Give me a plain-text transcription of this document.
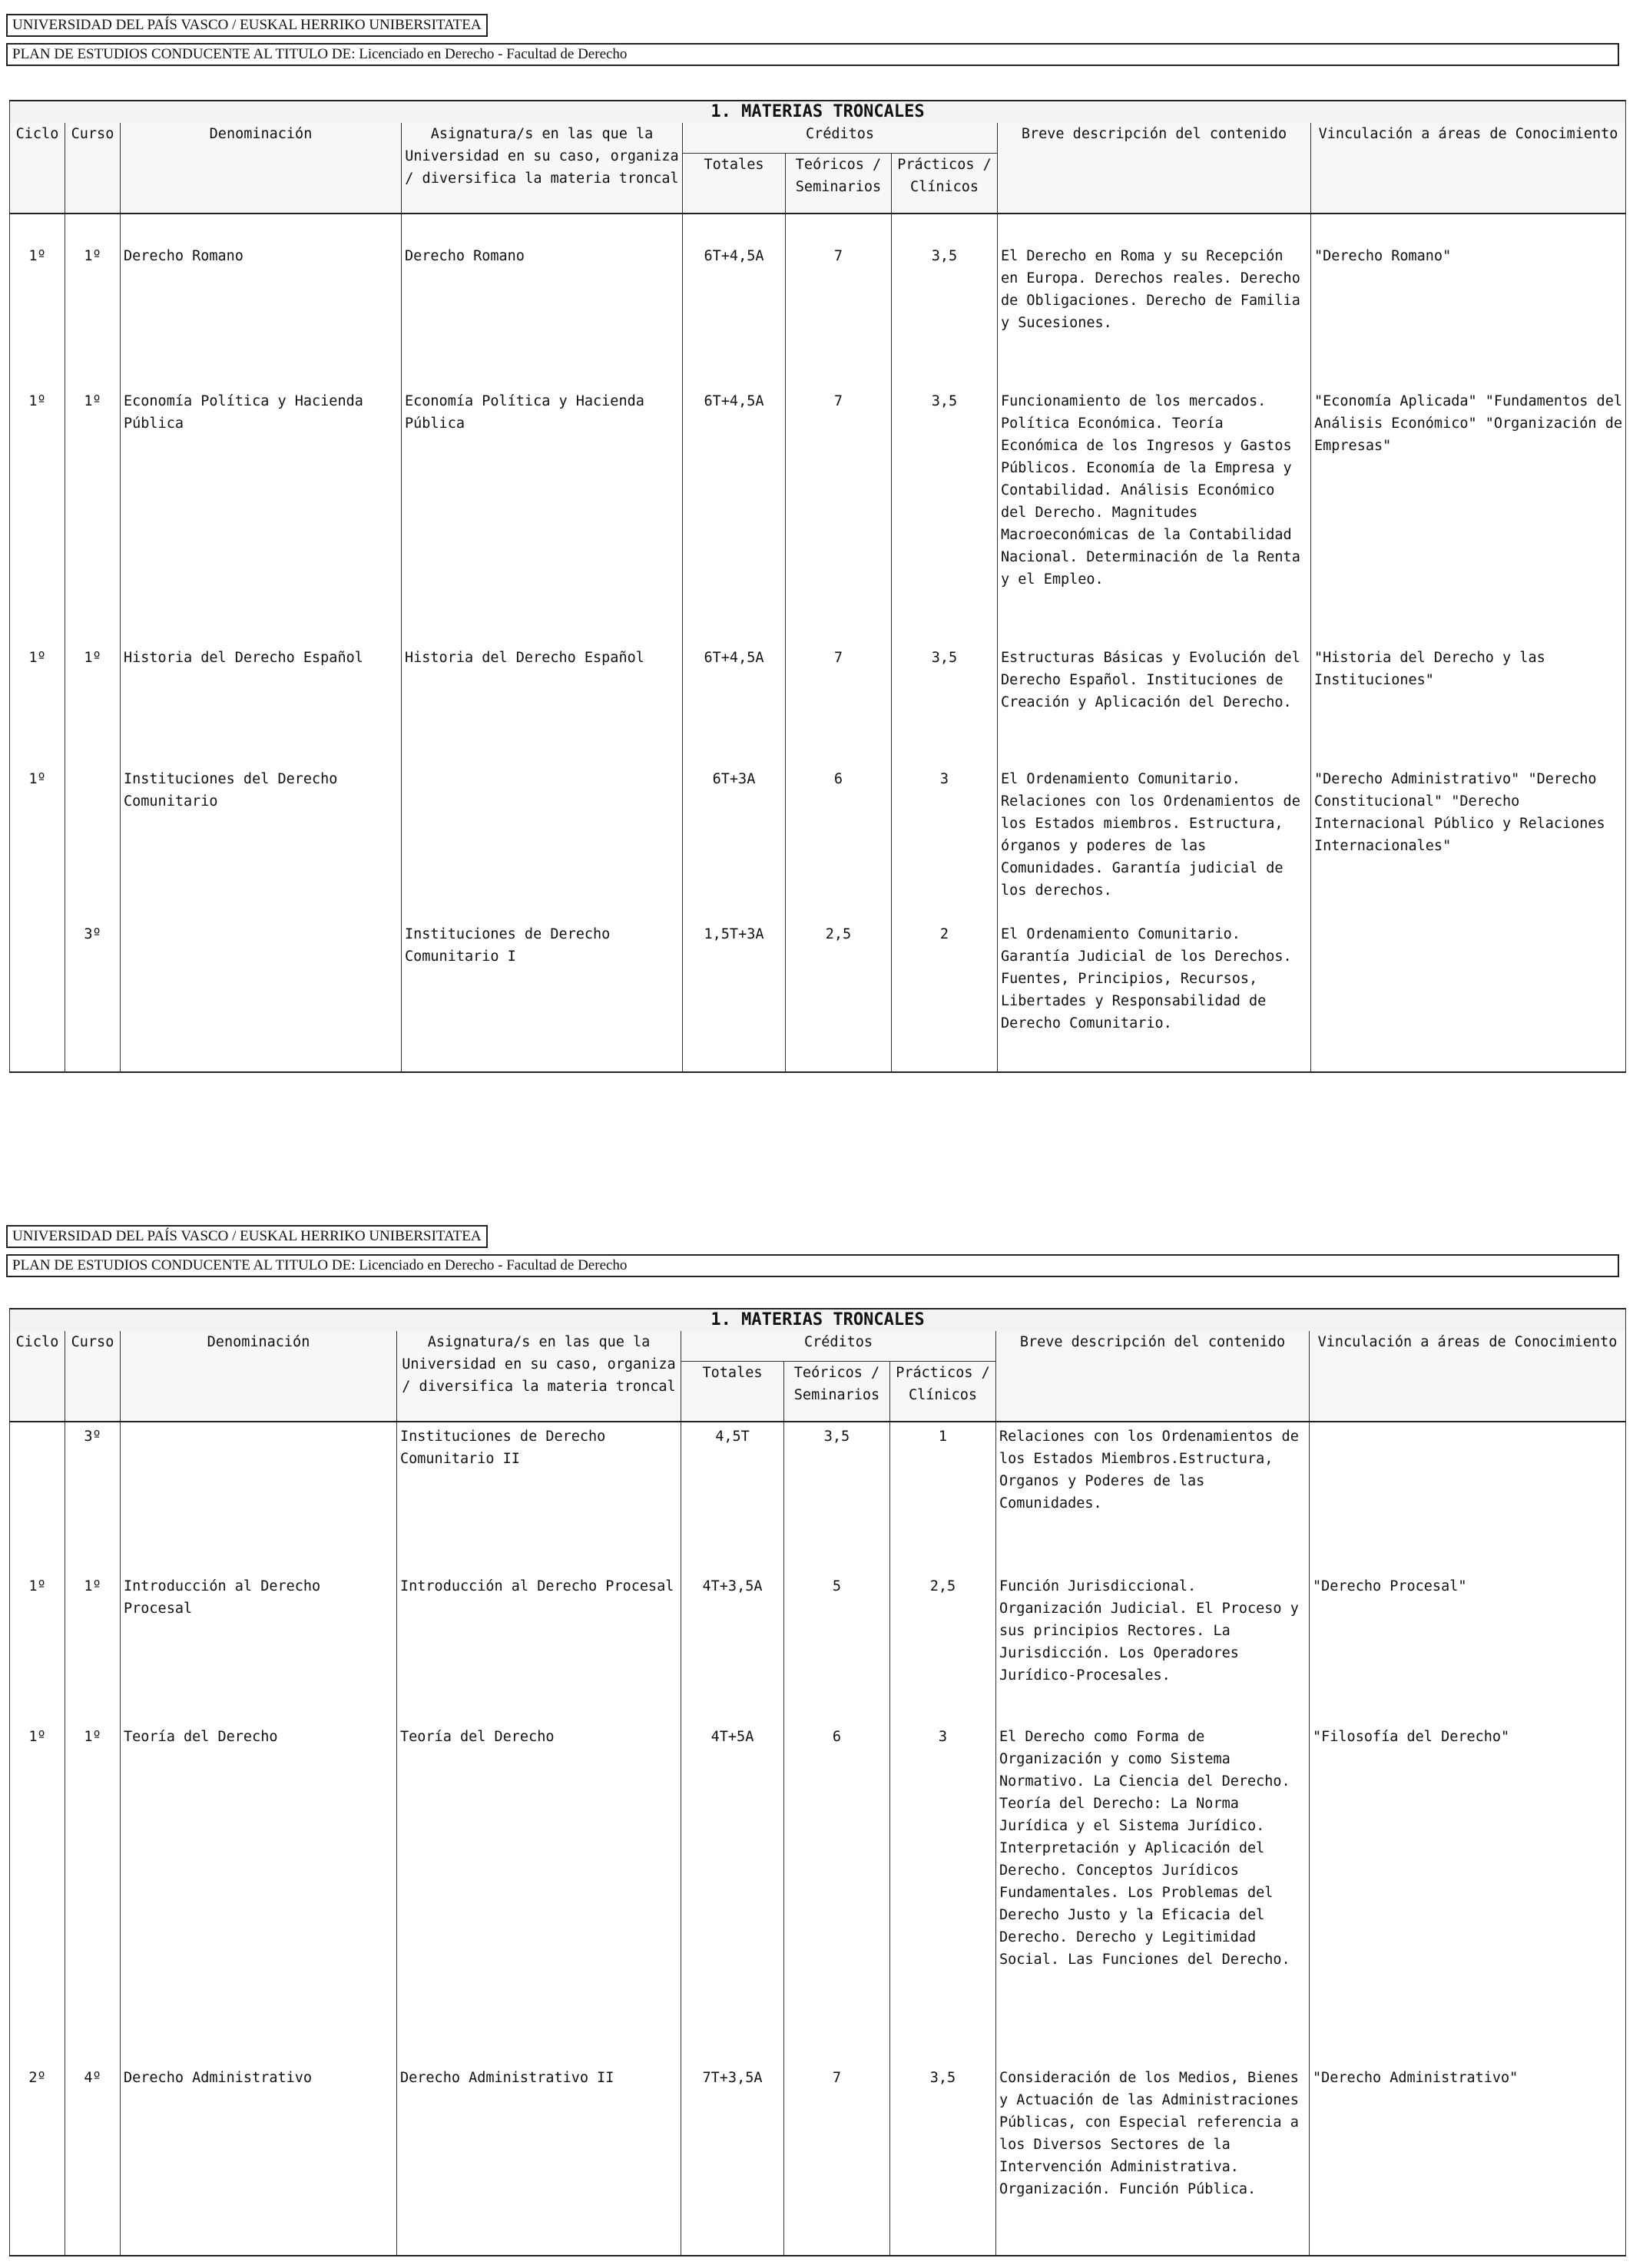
UNIVERSIDAD DEL PAÍS VASCO / EUSKAL HERRIKO UNIBERSITATEA
PLAN DE ESTUDIOS CONDUCENTE AL TITULO DE: Licenciado en Derecho - Facultad de Derecho
1. MATERIAS TRONCALES								
Ciclo	Curso	Denominación	Asignatura/s en las que la Universidad en su caso, organiza / diversifica la materia troncal	Créditos			Breve descripción del contenido	Vinculación a áreas de Conocimiento
				Totales	Teóricos / Seminarios	Prácticos / Clínicos		
1º	1º	Derecho Romano	Derecho Romano	6T+4,5A	7	3,5	El Derecho en Roma y su Recepción en Europa. Derechos reales. Derecho de Obligaciones. Derecho de Familia y Sucesiones.	"Derecho Romano"
1º	1º	Economía Política y Hacienda Pública	Economía Política y Hacienda Pública	6T+4,5A	7	3,5	Funcionamiento de los mercados. Política Económica. Teoría Económica de los Ingresos y Gastos Públicos. Economía de la Empresa y Contabilidad. Análisis Económico del Derecho. Magnitudes Macroeconómicas de la Contabilidad Nacional. Determinación de la Renta y el Empleo.	"Economía Aplicada" "Fundamentos del Análisis Económico" "Organización de Empresas"
1º	1º	Historia del Derecho Español	Historia del Derecho Español	6T+4,5A	7	3,5	Estructuras Básicas y Evolución del Derecho Español. Instituciones de Creación y Aplicación del Derecho.	"Historia del Derecho y las Instituciones"
1º		Instituciones del Derecho Comunitario		6T+3A	6	3	El Ordenamiento Comunitario. Relaciones con los Ordenamientos de los Estados miembros. Estructura, órganos y poderes de las Comunidades. Garantía judicial de los derechos.	"Derecho Administrativo" "Derecho Constitucional" "Derecho Internacional Público y Relaciones Internacionales"
	3º		Instituciones de Derecho Comunitario I	1,5T+3A	2,5	2	El Ordenamiento Comunitario. Garantía Judicial de los Derechos. Fuentes, Principios, Recursos, Libertades y Responsabilidad de Derecho Comunitario.	
UNIVERSIDAD DEL PAÍS VASCO / EUSKAL HERRIKO UNIBERSITATEA
PLAN DE ESTUDIOS CONDUCENTE AL TITULO DE: Licenciado en Derecho - Facultad de Derecho
1. MATERIAS TRONCALES								
Ciclo	Curso	Denominación	Asignatura/s en las que la Universidad en su caso, organiza / diversifica la materia troncal	Créditos			Breve descripción del contenido	Vinculación a áreas de Conocimiento
				Totales	Teóricos / Seminarios	Prácticos / Clínicos		
	3º		Instituciones de Derecho Comunitario II	4,5T	3,5	1	Relaciones con los Ordenamientos de los Estados Miembros.Estructura, Organos y Poderes de las Comunidades.	
1º	1º	Introducción al Derecho Procesal	Introducción al Derecho Procesal	4T+3,5A	5	2,5	Función Jurisdiccional. Organización Judicial. El Proceso y sus principios Rectores. La Jurisdicción. Los Operadores Jurídico-Procesales.	"Derecho Procesal"
1º	1º	Teoría del Derecho	Teoría del Derecho	4T+5A	6	3	El Derecho como Forma de Organización y como Sistema Normativo. La Ciencia del Derecho. Teoría del Derecho: La Norma Jurídica y el Sistema Jurídico. Interpretación y Aplicación del Derecho. Conceptos Jurídicos Fundamentales. Los Problemas del Derecho Justo y la Eficacia del Derecho. Derecho y Legitimidad Social. Las Funciones del Derecho.	"Filosofía del Derecho"
2º	4º	Derecho Administrativo	Derecho Administrativo II	7T+3,5A	7	3,5	Consideración de los Medios, Bienes y Actuación de las Administraciones Públicas, con Especial referencia a los Diversos Sectores de la Intervención Administrativa. Organización. Función Pública.	"Derecho Administrativo"
